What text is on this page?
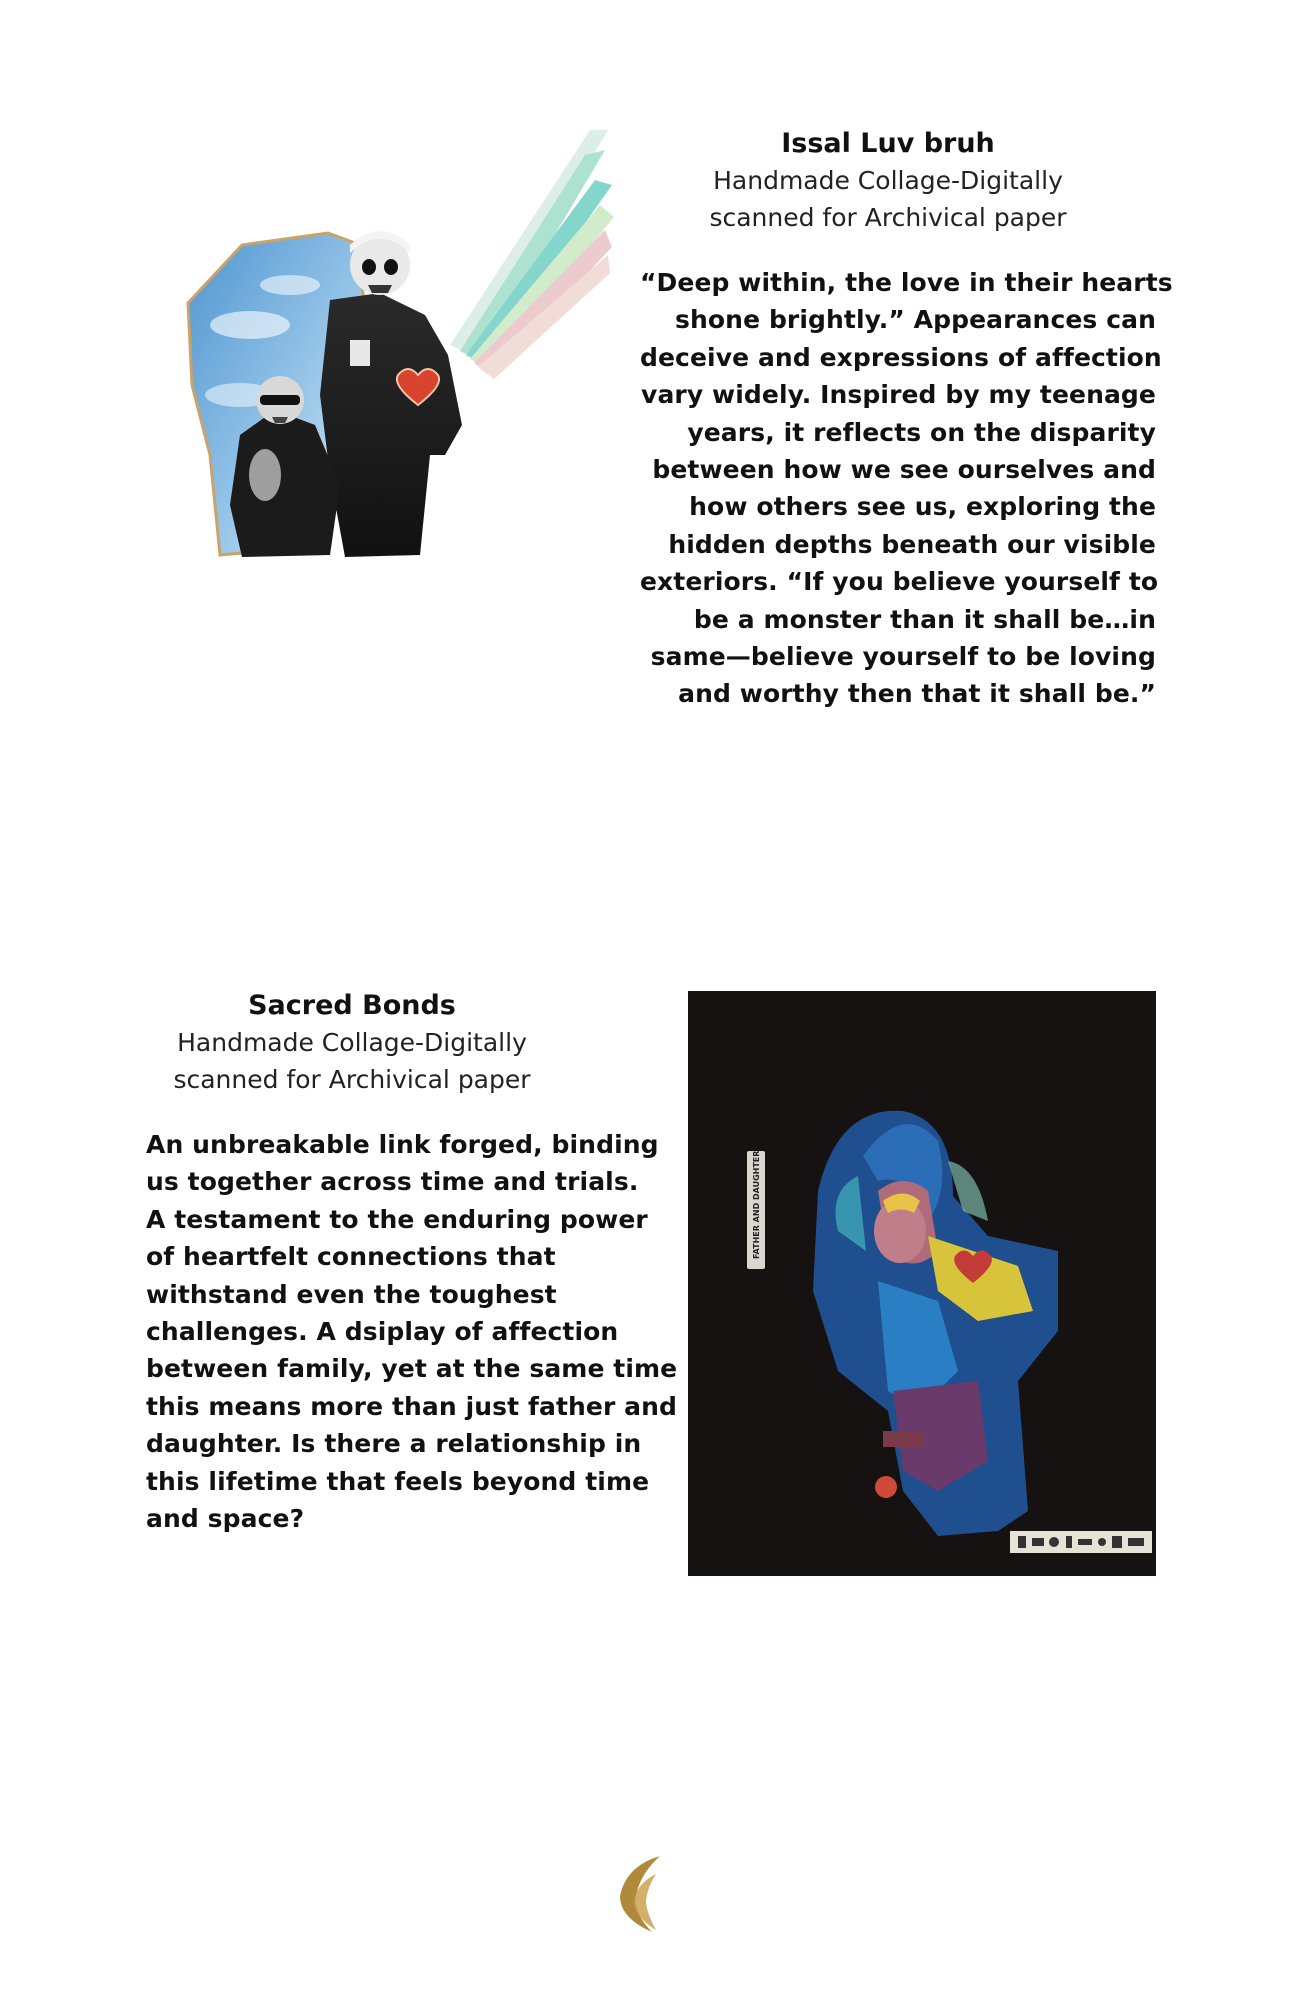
Issal Luv bruh
Handmade Collage-Digitally
scanned for Archivical paper
“Deep within, the love in their hearts
shone brightly.” Appearances can
deceive and expressions of affection
vary widely. Inspired by my teenage
years, it reflects on the disparity
between how we see ourselves and
how others see us, exploring the
hidden depths beneath our visible
exteriors. “If you believe yourself to
be a monster than it shall be…in
same—believe yourself to be loving
and worthy then that it shall be.”
Sacred Bonds
Handmade Collage-Digitally
scanned for Archivical paper
An unbreakable link forged, binding
us together across time and trials.
A testament to the enduring power
of heartfelt connections that
withstand even the toughest
challenges. A dsiplay of affection
between family, yet at the same time
this means more than just father and
daughter. Is there a relationship in
this lifetime that feels beyond time
and space?
FATHER AND DAUGHTER
